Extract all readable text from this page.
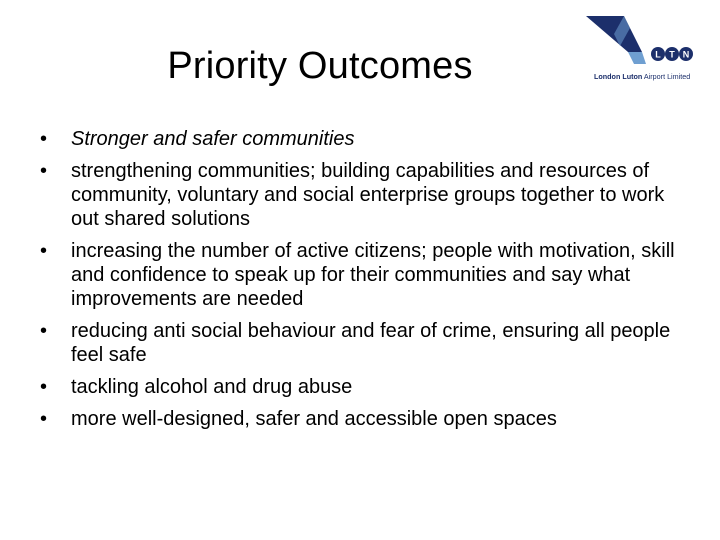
Priority Outcomes	L T N
London Luton Airport Limited
•	Stronger and safer communities
•	strengthening communities; building capabilities and resources of community, voluntary and social enterprise groups together to work out shared solutions
•	increasing the number of active citizens; people with motivation, skill and confidence to speak up for their communities and say what improvements are needed
•	reducing anti social behaviour and fear of crime, ensuring all people feel safe
•	tackling alcohol and drug abuse
•	more well-designed, safer and accessible open spaces
